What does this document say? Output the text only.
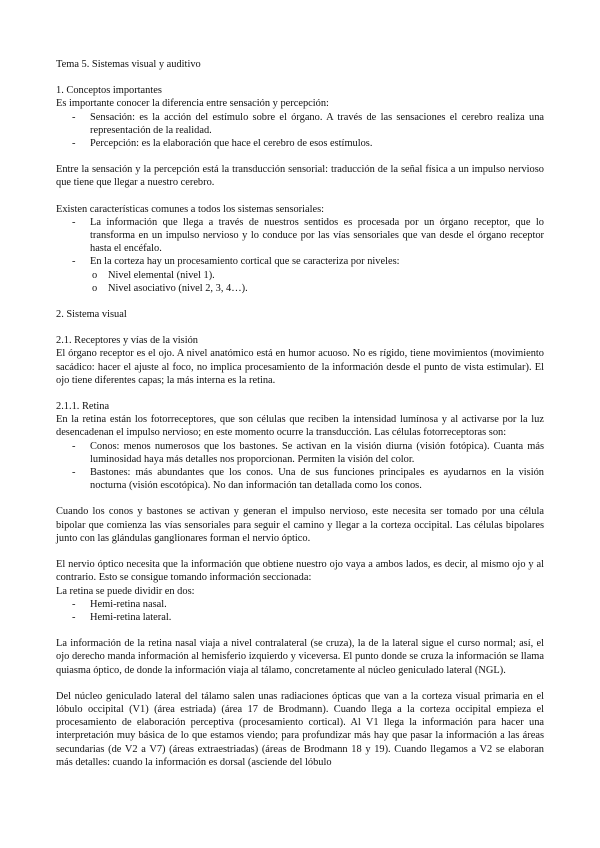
Tema 5. Sistemas visual y auditivo

1. Conceptos importantes

Es importante conocer la diferencia entre sensación y percepción:

- Sensación: es la acción del estímulo sobre el órgano. A través de las sensaciones el cerebro realiza una representación de la realidad.
- Percepción: es la elaboración que hace el cerebro de esos estímulos.

Entre la sensación y la percepción está la transducción sensorial: traducción de la señal física a un impulso nervioso que tiene que llegar a nuestro cerebro.

Existen características comunes a todos los sistemas sensoriales:

- La información que llega a través de nuestros sentidos es procesada por un órgano receptor, que lo transforma en un impulso nervioso y lo conduce por las vías sensoriales que van desde el órgano receptor hasta el encéfalo.
- En la corteza hay un procesamiento cortical que se caracteriza por niveles:
o Nivel elemental (nivel 1).
o Nivel asociativo (nivel 2, 3, 4…).

2. Sistema visual

2.1. Receptores y vías de la visión

El órgano receptor es el ojo. A nivel anatómico está en humor acuoso. No es rígido, tiene movimientos (movimiento sacádico: hacer el ajuste al foco, no implica procesamiento de la información desde el punto de vista estimular). El ojo tiene diferentes capas; la más interna es la retina.

2.1.1. Retina

En la retina están los fotorreceptores, que son células que reciben la intensidad lumínosa y al activarse por la luz desencadenan el impulso nervioso; en este momento ocurre la transducción. Las células fotorreceptoras son:

- Conos: menos numerosos que los bastones. Se activan en la visión diurna (visión fotópica). Cuanta más luminosidad haya más detalles nos proporcionan. Permiten la visión del color.
- Bastones: más abundantes que los conos. Una de sus funciones principales es ayudarnos en la visión nocturna (visión escotópica). No dan información tan detallada como los conos.

Cuando los conos y bastones se activan y generan el impulso nervioso, este necesita ser tomado por una célula bipolar que comienza las vías sensoriales para seguir el camino y llegar a la corteza occipital. Las células bipolares junto con las glándulas ganglionares forman el nervio óptico.

El nervio óptico necesita que la información que obtiene nuestro ojo vaya a ambos lados, es decir, al mismo ojo y al contrario. Esto se consigue tomando información seccionada:

La retina se puede dividir en dos:

- Hemi-retina nasal.
- Hemi-retina lateral.

La información de la retina nasal viaja a nivel contralateral (se cruza), la de la lateral sigue el curso normal; así, el ojo derecho manda información al hemisferio izquierdo y viceversa. El punto donde se cruza la información se llama quiasma óptico, de donde la información viaja al tálamo, concretamente al núcleo geniculado lateral (NGL).

Del núcleo geniculado lateral del tálamo salen unas radiaciones ópticas que van a la corteza visual primaria en el lóbulo occipital (V1) (área estriada) (área 17 de Brodmann). Cuando llega a la corteza occipital empieza el procesamiento de elaboración perceptiva (procesamiento cortical). Al V1 llega la información para hacer una interpretación muy básica de lo que estamos viendo; para profundizar más hay que pasar la información a las áreas secundarias (de V2 a V7) (áreas extraestriadas) (áreas de Brodmann 18 y 19). Cuando llegamos a V2 se elaboran más detalles: cuando la información es dorsal (asciende del lóbulo
